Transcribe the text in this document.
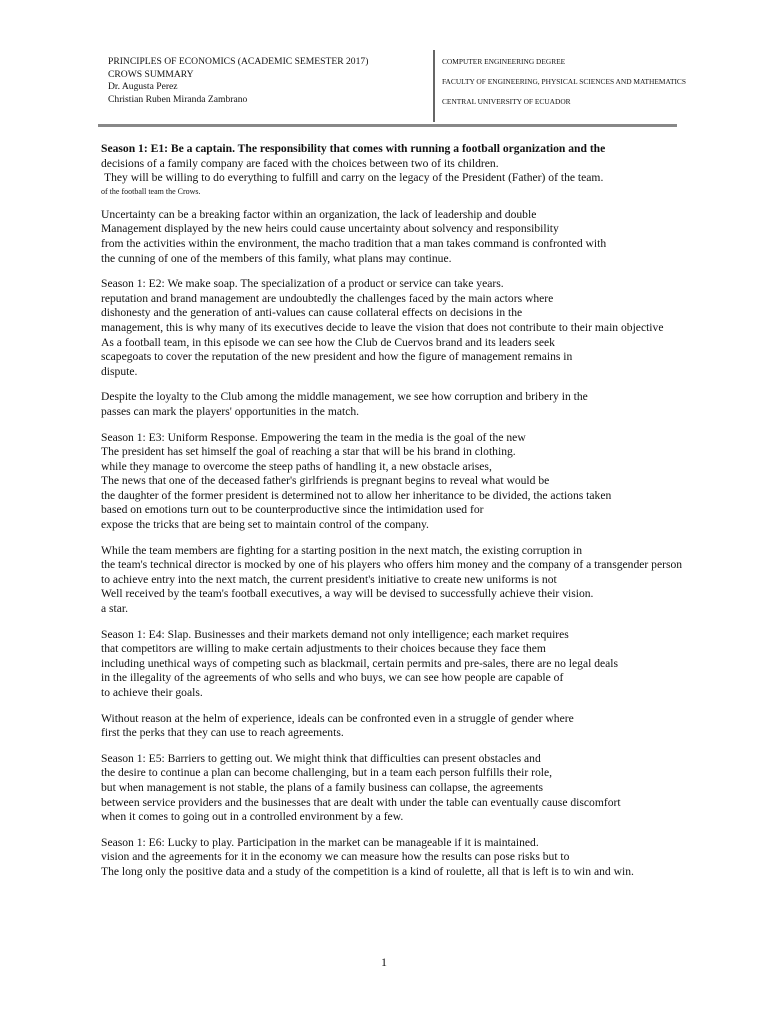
PRINCIPLES OF ECONOMICS (ACADEMIC SEMESTER 2017)
CROWS SUMMARY
Dr. Augusta Perez
Christian Ruben Miranda Zambrano
COMPUTER ENGINEERING DEGREE
FACULTY OF ENGINEERING, PHYSICAL SCIENCES AND MATHEMATICS
CENTRAL UNIVERSITY OF ECUADOR

Season 1: E1: Be a captain. The responsibility that comes with running a football organization and the
decisions of a family company are faced with the choices between two of its children.
They will be willing to do everything to fulfill and carry on the legacy of the President (Father) of the team.
of the football team the Crows.

Uncertainty can be a breaking factor within an organization, the lack of leadership and double
Management displayed by the new heirs could cause uncertainty about solvency and responsibility
from the activities within the environment, the macho tradition that a man takes command is confronted with
the cunning of one of the members of this family, what plans may continue.

Season 1: E2: We make soap. The specialization of a product or service can take years.
reputation and brand management are undoubtedly the challenges faced by the main actors where
dishonesty and the generation of anti-values can cause collateral effects on decisions in the
management, this is why many of its executives decide to leave the vision that does not contribute to their main objective
As a football team, in this episode we can see how the Club de Cuervos brand and its leaders seek
scapegoats to cover the reputation of the new president and how the figure of management remains in
dispute.

Despite the loyalty to the Club among the middle management, we see how corruption and bribery in the
passes can mark the players' opportunities in the match.

Season 1: E3: Uniform Response. Empowering the team in the media is the goal of the new
The president has set himself the goal of reaching a star that will be his brand in clothing.
while they manage to overcome the steep paths of handling it, a new obstacle arises,
The news that one of the deceased father's girlfriends is pregnant begins to reveal what would be
the daughter of the former president is determined not to allow her inheritance to be divided, the actions taken
based on emotions turn out to be counterproductive since the intimidation used for
expose the tricks that are being set to maintain control of the company.

While the team members are fighting for a starting position in the next match, the existing corruption in
the team's technical director is mocked by one of his players who offers him money and the company of a transgender person
to achieve entry into the next match, the current president's initiative to create new uniforms is not
Well received by the team's football executives, a way will be devised to successfully achieve their vision.
a star.

Season 1: E4: Slap. Businesses and their markets demand not only intelligence; each market requires
that competitors are willing to make certain adjustments to their choices because they face them
including unethical ways of competing such as blackmail, certain permits and pre-sales, there are no legal deals
in the illegality of the agreements of who sells and who buys, we can see how people are capable of
to achieve their goals.

Without reason at the helm of experience, ideals can be confronted even in a struggle of gender where
first the perks that they can use to reach agreements.

Season 1: E5: Barriers to getting out. We might think that difficulties can present obstacles and
the desire to continue a plan can become challenging, but in a team each person fulfills their role,
but when management is not stable, the plans of a family business can collapse, the agreements
between service providers and the businesses that are dealt with under the table can eventually cause discomfort
when it comes to going out in a controlled environment by a few.

Season 1: E6: Lucky to play. Participation in the market can be manageable if it is maintained.
vision and the agreements for it in the economy we can measure how the results can pose risks but to
The long only the positive data and a study of the competition is a kind of roulette, all that is left is to win and win.

1
